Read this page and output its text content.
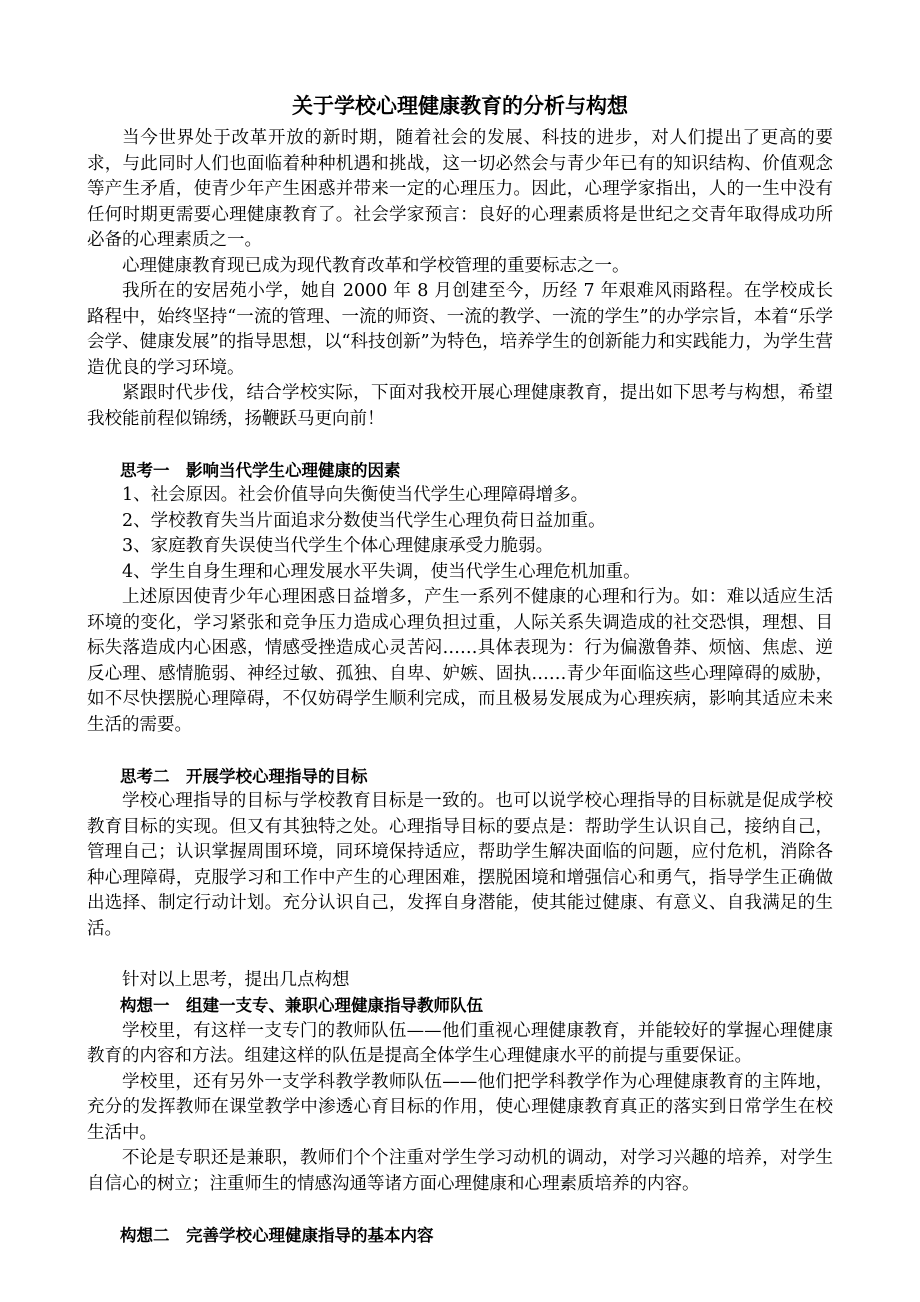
关于学校心理健康教育的分析与构想

当今世界处于改革开放的新时期，随着社会的发展、科技的进步，对人们提出了更高的要求，与此同时人们也面临着种种机遇和挑战，这一切必然会与青少年已有的知识结构、价值观念等产生矛盾，使青少年产生困惑并带来一定的心理压力。因此，心理学家指出，人的一生中没有任何时期更需要心理健康教育了。社会学家预言：良好的心理素质将是世纪之交青年取得成功所必备的心理素质之一。

心理健康教育现已成为现代教育改革和学校管理的重要标志之一。

我所在的安居苑小学，她自 2000 年 8 月创建至今，历经 7 年艰难风雨路程。在学校成长路程中，始终坚持“一流的管理、一流的师资、一流的教学、一流的学生”的办学宗旨，本着“乐学会学、健康发展”的指导思想，以“科技创新”为特色，培养学生的创新能力和实践能力，为学生营造优良的学习环境。

紧跟时代步伐，结合学校实际，下面对我校开展心理健康教育，提出如下思考与构想，希望我校能前程似锦绣，扬鞭跃马更向前！

思考一　影响当代学生心理健康的因素

1、社会原因。社会价值导向失衡使当代学生心理障碍增多。

2、学校教育失当片面追求分数使当代学生心理负荷日益加重。

3、家庭教育失误使当代学生个体心理健康承受力脆弱。

4、学生自身生理和心理发展水平失调，使当代学生心理危机加重。

上述原因使青少年心理困惑日益增多，产生一系列不健康的心理和行为。如：难以适应生活环境的变化，学习紧张和竞争压力造成心理负担过重，人际关系失调造成的社交恐惧，理想、目标失落造成内心困惑，情感受挫造成心灵苦闷……具体表现为：行为偏激鲁莽、烦恼、焦虑、逆反心理、感情脆弱、神经过敏、孤独、自卑、妒嫉、固执……青少年面临这些心理障碍的威胁，如不尽快摆脱心理障碍，不仅妨碍学生顺利完成，而且极易发展成为心理疾病，影响其适应未来生活的需要。

思考二　开展学校心理指导的目标

学校心理指导的目标与学校教育目标是一致的。也可以说学校心理指导的目标就是促成学校教育目标的实现。但又有其独特之处。心理指导目标的要点是：帮助学生认识自己，接纳自己，管理自己；认识掌握周围环境，同环境保持适应，帮助学生解决面临的问题，应付危机，消除各种心理障碍，克服学习和工作中产生的心理困难，摆脱困境和增强信心和勇气，指导学生正确做出选择、制定行动计划。充分认识自己，发挥自身潜能，使其能过健康、有意义、自我满足的生活。

针对以上思考，提出几点构想

构想一　组建一支专、兼职心理健康指导教师队伍

学校里，有这样一支专门的教师队伍——他们重视心理健康教育，并能较好的掌握心理健康教育的内容和方法。组建这样的队伍是提高全体学生心理健康水平的前提与重要保证。

学校里，还有另外一支学科教学教师队伍——他们把学科教学作为心理健康教育的主阵地，充分的发挥教师在课堂教学中渗透心育目标的作用，使心理健康教育真正的落实到日常学生在校生活中。

不论是专职还是兼职，教师们个个注重对学生学习动机的调动，对学习兴趣的培养，对学生自信心的树立；注重师生的情感沟通等诸方面心理健康和心理素质培养的内容。

构想二　完善学校心理健康指导的基本内容
